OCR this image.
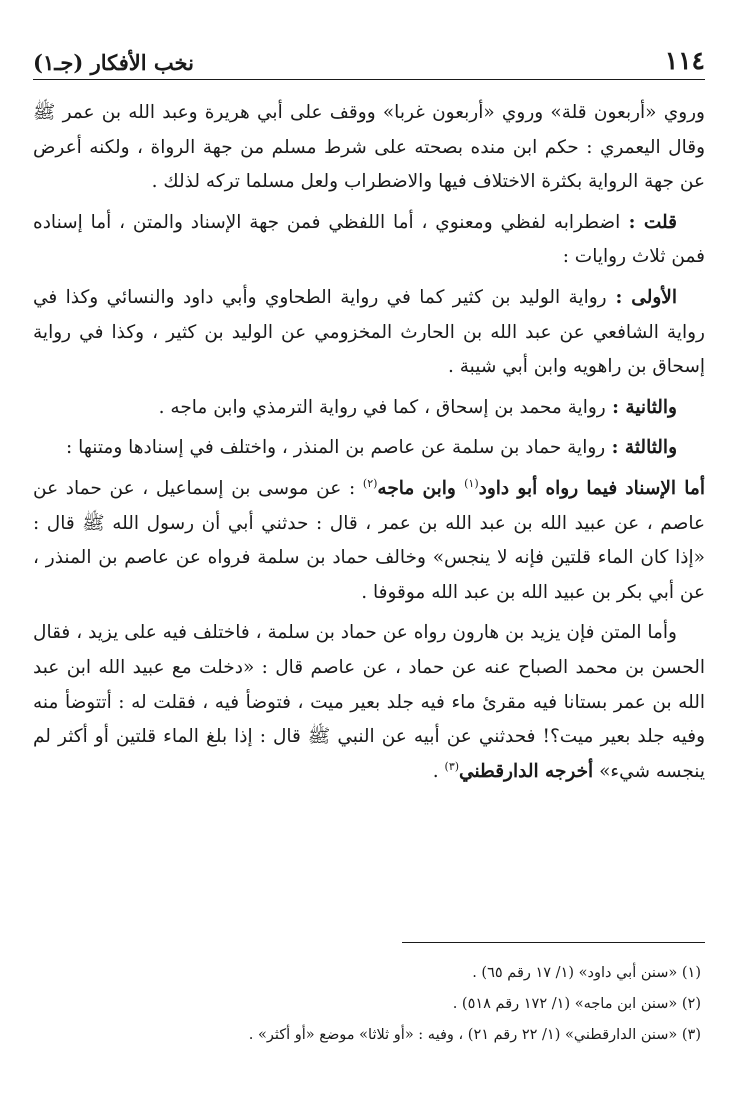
١١٤
نخب الأفكار (جـ١)

وروي «أربعون قلة» وروي «أربعون غربا» ووقف على أبي هريرة وعبد الله بن عمر ﷺ وقال اليعمري : حكم ابن منده بصحته على شرط مسلم من جهة الرواة ، ولكنه أعرض عن جهة الرواية بكثرة الاختلاف فيها والاضطراب ولعل مسلما تركه لذلك .

قلت : اضطرابه لفظي ومعنوي ، أما اللفظي فمن جهة الإسناد والمتن ، أما إسناده فمن ثلاث روايات :

الأولى : رواية الوليد بن كثير كما في رواية الطحاوي وأبي داود والنسائي وكذا في رواية الشافعي عن عبد الله بن الحارث المخزومي عن الوليد بن كثير ، وكذا في رواية إسحاق بن راهويه وابن أبي شيبة .

والثانية : رواية محمد بن إسحاق ، كما في رواية الترمذي وابن ماجه .

والثالثة : رواية حماد بن سلمة عن عاصم بن المنذر ، واختلف في إسنادها ومتنها :

أما الإسناد فيما رواه أبو داود$^{(١)}$ وابن ماجه$^{(٢)}$ : عن موسى بن إسماعيل ، عن حماد عن عاصم ، عن عبيد الله بن عبد الله بن عمر ، قال : حدثني أبي أن رسول الله ﷺ قال : «إذا كان الماء قلتين فإنه لا ينجس» وخالف حماد بن سلمة فرواه عن عاصم بن المنذر ، عن أبي بكر بن عبيد الله بن عبد الله موقوفا .

وأما المتن فإن يزيد بن هارون رواه عن حماد بن سلمة ، فاختلف فيه على يزيد ، فقال الحسن بن محمد الصباح عنه عن حماد ، عن عاصم قال : «دخلت مع عبيد الله ابن عبد الله بن عمر بستانا فيه مقرئ ماء فيه جلد بعير ميت ، فتوضأ فيه ، فقلت له : أتتوضأ منه وفيه جلد بعير ميت؟! فحدثني عن أبيه عن النبي ﷺ قال : إذا بلغ الماء قلتين أو أكثر لم ينجسه شيء» أخرجه الدارقطني$^{(٣)}$ .

(١) «سنن أبي داود» (١/ ١٧ رقم ٦٥) .
(٢) «سنن ابن ماجه» (١/ ١٧٢ رقم ٥١٨) .
(٣) «سنن الدارقطني» (١/ ٢٢ رقم ٢١) ، وفيه : «أو ثلاثا» موضع «أو أكثر» .
